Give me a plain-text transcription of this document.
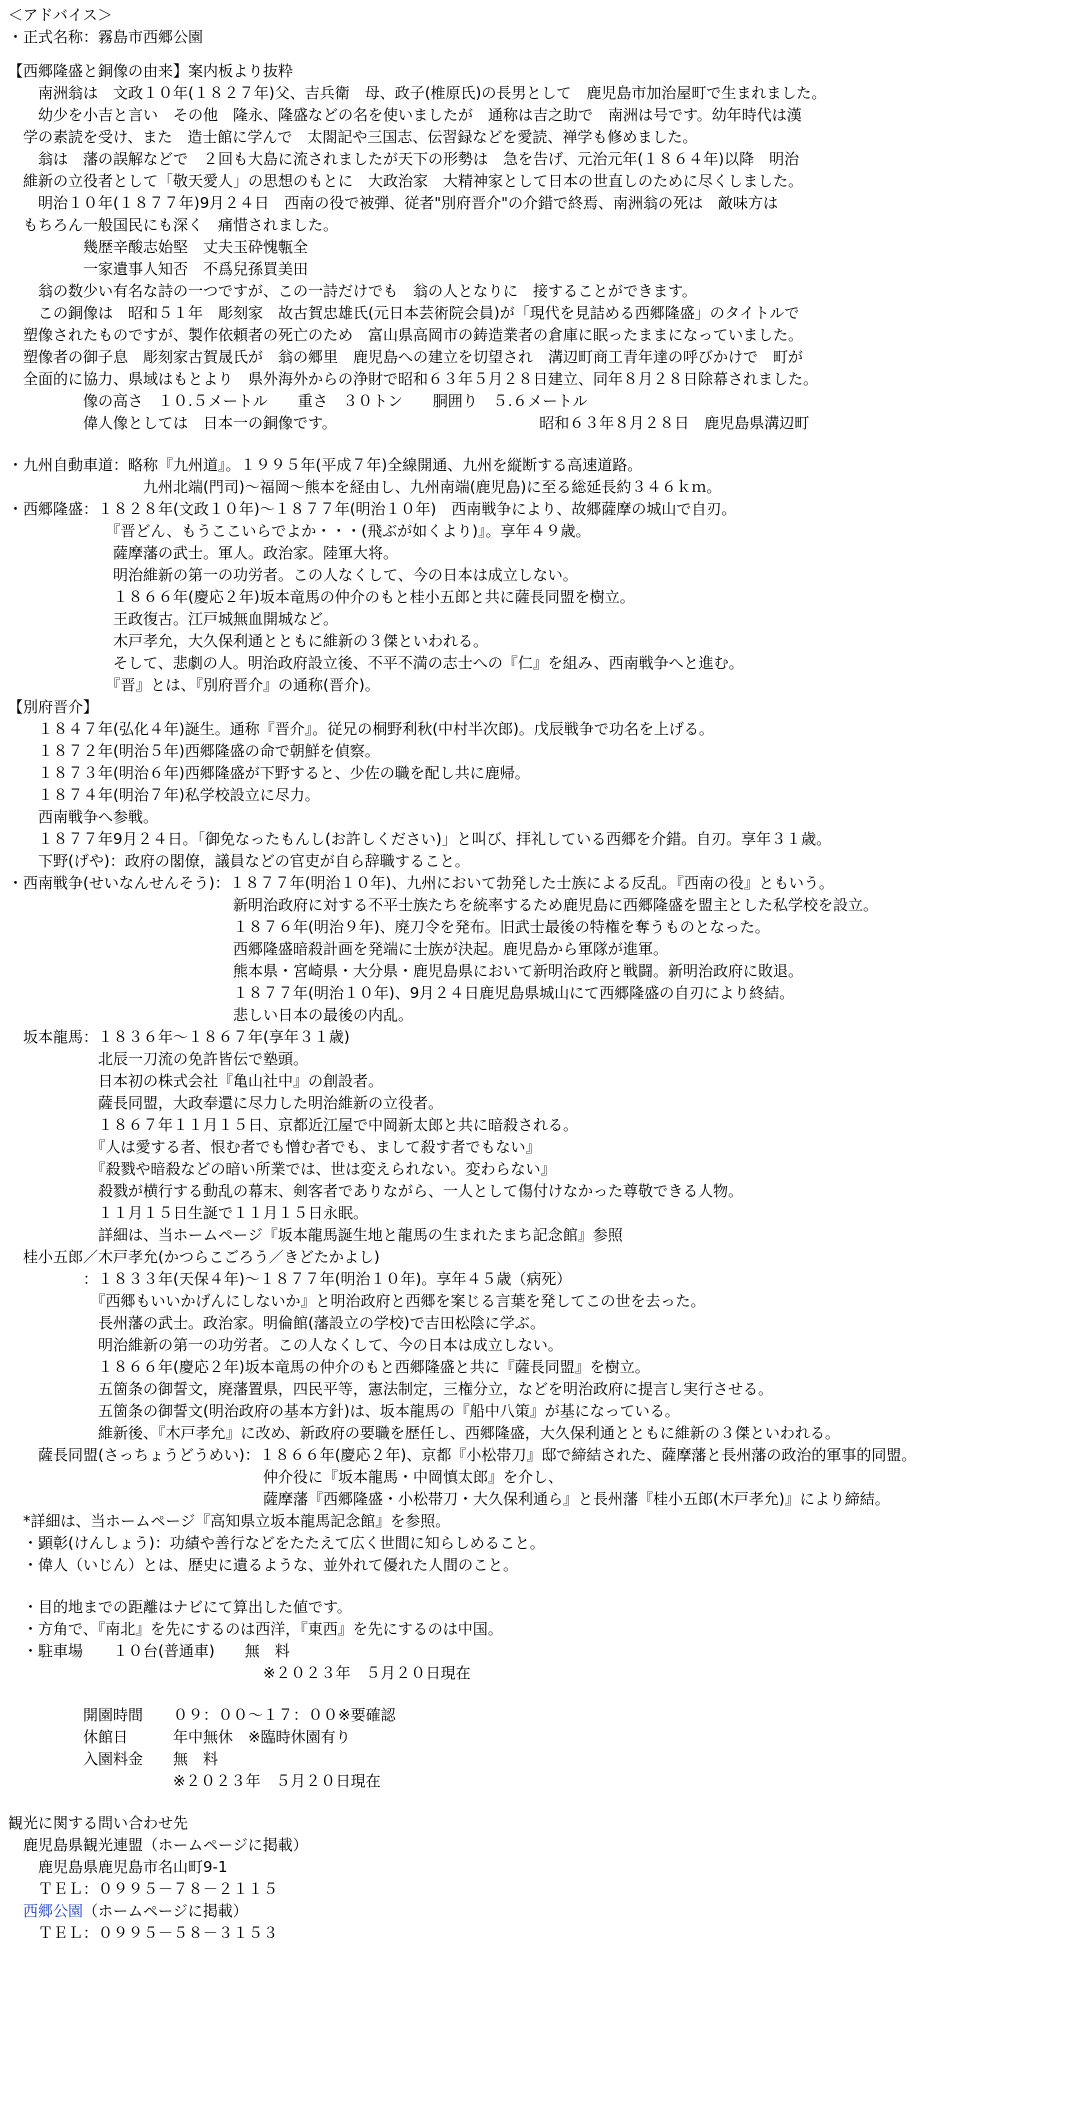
＜アドバイス＞
・正式名称：霧島市西郷公園
【西郷隆盛と銅像の由来】案内板より抜粋
　　南洲翁は　文政１０年(１８２７年)父、吉兵衛　母、政子(椎原氏)の長男として　鹿児島市加治屋町で生まれました。
　　幼少を小吉と言い　その他　隆永、隆盛などの名を使いましたが　通称は吉之助で　南洲は号です。幼年時代は漢
　学の素読を受け、また　造士館に学んで　太閤記や三国志、伝習録などを愛読、禅学も修めました。
　　翁は　藩の誤解などで　２回も大島に流されましたが天下の形勢は　急を告げ、元治元年(１８６４年)以降　明治
　維新の立役者として「敬天愛人」の思想のもとに　大政治家　大精神家として日本の世直しのために尽くしました。
　　明治１０年(１８７７年)9月２４日　西南の役で被弾、従者"別府晋介"の介錯で終焉、南洲翁の死は　敵味方は
　もちろん一般国民にも深く　痛惜されました。
　　　　　幾歴辛酸志始堅　丈夫玉砕愧甎全
　　　　　一家遺事人知否　不爲兒孫買美田
　　翁の数少い有名な詩の一つですが、この一詩だけでも　翁の人となりに　接することができます。
　　この銅像は　昭和５１年　彫刻家　故古賀忠雄氏(元日本芸術院会員)が「現代を見詰める西郷隆盛」のタイトルで
　塑像されたものですが、製作依頼者の死亡のため　富山県高岡市の鋳造業者の倉庫に眠ったままになっていました。
　塑像者の御子息　彫刻家古賀晟氏が　翁の郷里　鹿児島への建立を切望され　溝辺町商工青年達の呼びかけで　町が
　全面的に協力、県域はもとより　県外海外からの浄財で昭和６３年５月２８日建立、同年８月２８日除幕されました。
　　　　　像の高さ　１０.５メートル　　重さ　３０トン　　胴囲り　５.６メートル
　　　　　偉人像としては　日本一の銅像です。　　　　　　　　　　　　　　昭和６３年８月２８日　鹿児島県溝辺町
・九州自動車道：略称『九州道』。１９９５年(平成７年)全線開通、九州を縦断する高速道路。
　　　　　　　　　九州北端(門司)～福岡～熊本を経由し、九州南端(鹿児島)に至る総延長約３４６ｋｍ。
・西郷隆盛：１８２８年(文政１０年)～１８７７年(明治１０年)　西南戦争により、故郷薩摩の城山で自刃。
　　　　　　　『晋どん、もうここいらでよか・・・(飛ぶが如くより)』。享年４９歳。
　　　　　　　薩摩藩の武士。軍人。政治家。陸軍大将。
　　　　　　　明治維新の第一の功労者。この人なくして、今の日本は成立しない。
　　　　　　　１８６６年(慶応２年)坂本竜馬の仲介のもと桂小五郎と共に薩長同盟を樹立。
　　　　　　　王政復古。江戸城無血開城など。
　　　　　　　木戸孝允，大久保利通とともに維新の３傑といわれる。
　　　　　　　そして、悲劇の人。明治政府設立後、不平不満の志士への『仁』を組み、西南戦争へと進む。
　　　　　　　『晋』とは、『別府晋介』の通称(晋介)。
【別府晋介】
　　１８４７年(弘化４年)誕生。通称『晋介』。従兄の桐野利秋(中村半次郎)。戊辰戦争で功名を上げる。
　　１８７２年(明治５年)西郷隆盛の命で朝鮮を偵察。
　　１８７３年(明治６年)西郷隆盛が下野すると、少佐の職を配し共に鹿帰。
　　１８７４年(明治７年)私学校設立に尽力。
　　西南戦争へ参戦。
　　１８７７年9月２４日。「御免なったもんし(お許しください)」と叫び、拝礼している西郷を介錯。自刃。享年３１歳。
　　下野(げや)：政府の閣僚，議員などの官吏が自ら辞職すること。
・西南戦争(せいなんせんそう)：１８７７年(明治１０年)、九州において勃発した士族による反乱。『西南の役』ともいう。
　　　　　　　　　　　　　　　新明治政府に対する不平士族たちを統率するため鹿児島に西郷隆盛を盟主とした私学校を設立。
　　　　　　　　　　　　　　　１８７６年(明治９年)、廃刀令を発布。旧武士最後の特権を奪うものとなった。
　　　　　　　　　　　　　　　西郷隆盛暗殺計画を発端に士族が決起。鹿児島から軍隊が進軍。
　　　　　　　　　　　　　　　熊本県・宮崎県・大分県・鹿児島県において新明治政府と戦闘。新明治政府に敗退。
　　　　　　　　　　　　　　　１８７７年(明治１０年)、9月２４日鹿児島県城山にて西郷隆盛の自刃により終結。
　　　　　　　　　　　　　　　悲しい日本の最後の内乱。
　坂本龍馬：１８３６年～１８６７年(享年３１歳)
　　　　　　北辰一刀流の免許皆伝で塾頭。
　　　　　　日本初の株式会社『亀山社中』の創設者。
　　　　　　薩長同盟，大政奉還に尽力した明治維新の立役者。
　　　　　　１８６７年１１月１５日、京都近江屋で中岡新太郎と共に暗殺される。
　　　　　　『人は愛する者、恨む者でも憎む者でも、まして殺す者でもない』
　　　　　　『殺戮や暗殺などの暗い所業では、世は変えられない。変わらない』
　　　　　　殺戮が横行する動乱の幕末、剣客者でありながら、一人として傷付けなかった尊敬できる人物。
　　　　　　１１月１５日生誕で１１月１５日永眠。
　　　　　　詳細は、当ホームページ『坂本龍馬誕生地と龍馬の生まれたまち記念館』参照
　桂小五郎／木戸孝允(かつらこごろう／きどたかよし)
　　　　　：１８３３年(天保４年)～１８７７年(明治１０年)。享年４５歳（病死）
　　　　　　『西郷もいいかげんにしないか』と明治政府と西郷を案じる言葉を発してこの世を去った。
　　　　　　長州藩の武士。政治家。明倫館(藩設立の学校)で吉田松陰に学ぶ。
　　　　　　明治維新の第一の功労者。この人なくして、今の日本は成立しない。
　　　　　　１８６６年(慶応２年)坂本竜馬の仲介のもと西郷隆盛と共に『薩長同盟』を樹立。
　　　　　　五箇条の御誓文，廃藩置県，四民平等，憲法制定，三権分立，などを明治政府に提言し実行させる。
　　　　　　五箇条の御誓文(明治政府の基本方針)は、坂本龍馬の『船中八策』が基になっている。
　　　　　　維新後、『木戸孝允』に改め、新政府の要職を歴任し、西郷隆盛，大久保利通とともに維新の３傑といわれる。
　　薩長同盟(さっちょうどうめい)：１８６６年(慶応２年)、京都『小松帯刀』邸で締結された、薩摩藩と長州藩の政治的軍事的同盟。
　　　　　　　　　　　　　　　　　仲介役に『坂本龍馬・中岡慎太郎』を介し、
　　　　　　　　　　　　　　　　　薩摩藩『西郷隆盛・小松帯刀・大久保利通ら』と長州藩『桂小五郎(木戸孝允)』により締結。
　*詳細は、当ホームページ『高知県立坂本龍馬記念館』を参照。
　・顕彰(けんしょう)：功績や善行などをたたえて広く世間に知らしめること。
　・偉人（いじん）とは、歴史に遺るような、並外れて優れた人間のこと。
　・目的地までの距離はナビにて算出した値です。
　・方角で、『南北』を先にするのは西洋，『東西』を先にするのは中国。
　・駐車場　　１０台(普通車)　　無　料
　　　　　　　　　　　　　　　　　※２０２３年　５月２０日現在
　　　　　開園時間　　０９：００～１７：００※要確認
　　　　　休館日　　　年中無休　※臨時休園有り
　　　　　入園料金　　無　料
　　　　　　　　　　　※２０２３年　５月２０日現在
観光に関する問い合わせ先
　鹿児島県観光連盟（ホームページに掲載）
　　鹿児島県鹿児島市名山町9-1
　　ＴＥＬ：０９９５－７８－２１１５
　西郷公園（ホームページに掲載）
　　ＴＥＬ：０９９５－５８－３１５３
